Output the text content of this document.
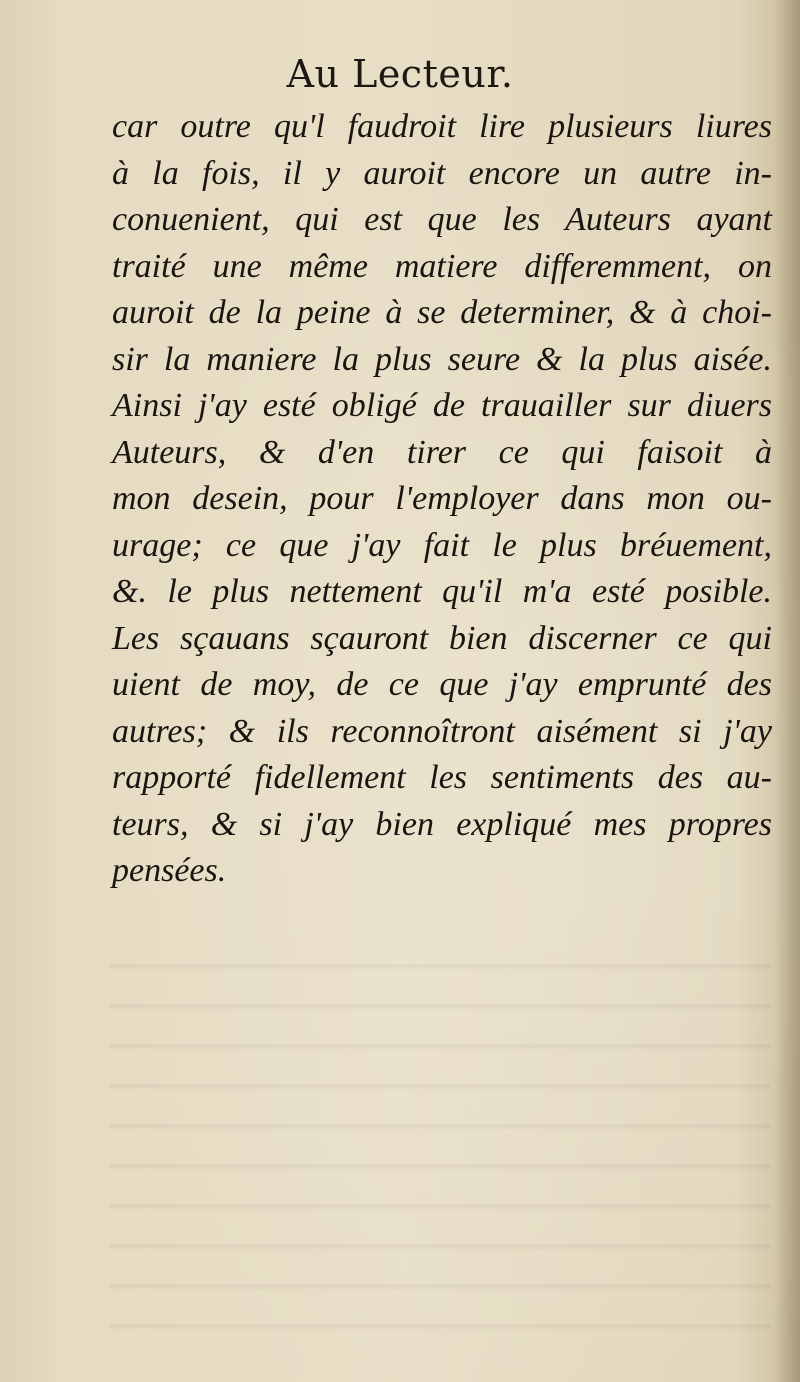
Au Lecteur.
car outre qu'l faudroit lire plusieurs liures
à la fois, il y auroit encore un autre in-
conuenient, qui est que les Auteurs ayant
traité une même matiere differemment, on
auroit de la peine à se determiner, & à choi-
sir la maniere la plus seure & la plus aisée.
Ainsi j'ay esté obligé de trauailler sur diuers
Auteurs, & d'en tirer ce qui faisoit à
mon desein, pour l'employer dans mon ou-
urage; ce que j'ay fait le plus bréuement,
&. le plus nettement qu'il m'a esté posible.
Les sçauans sçauront bien discerner ce qui
uient de moy, de ce que j'ay emprunté des
autres; & ils reconnoîtront aisément si j'ay
rapporté fidellement les sentiments des au-
teurs, & si j'ay bien expliqué mes propres
pensées.
